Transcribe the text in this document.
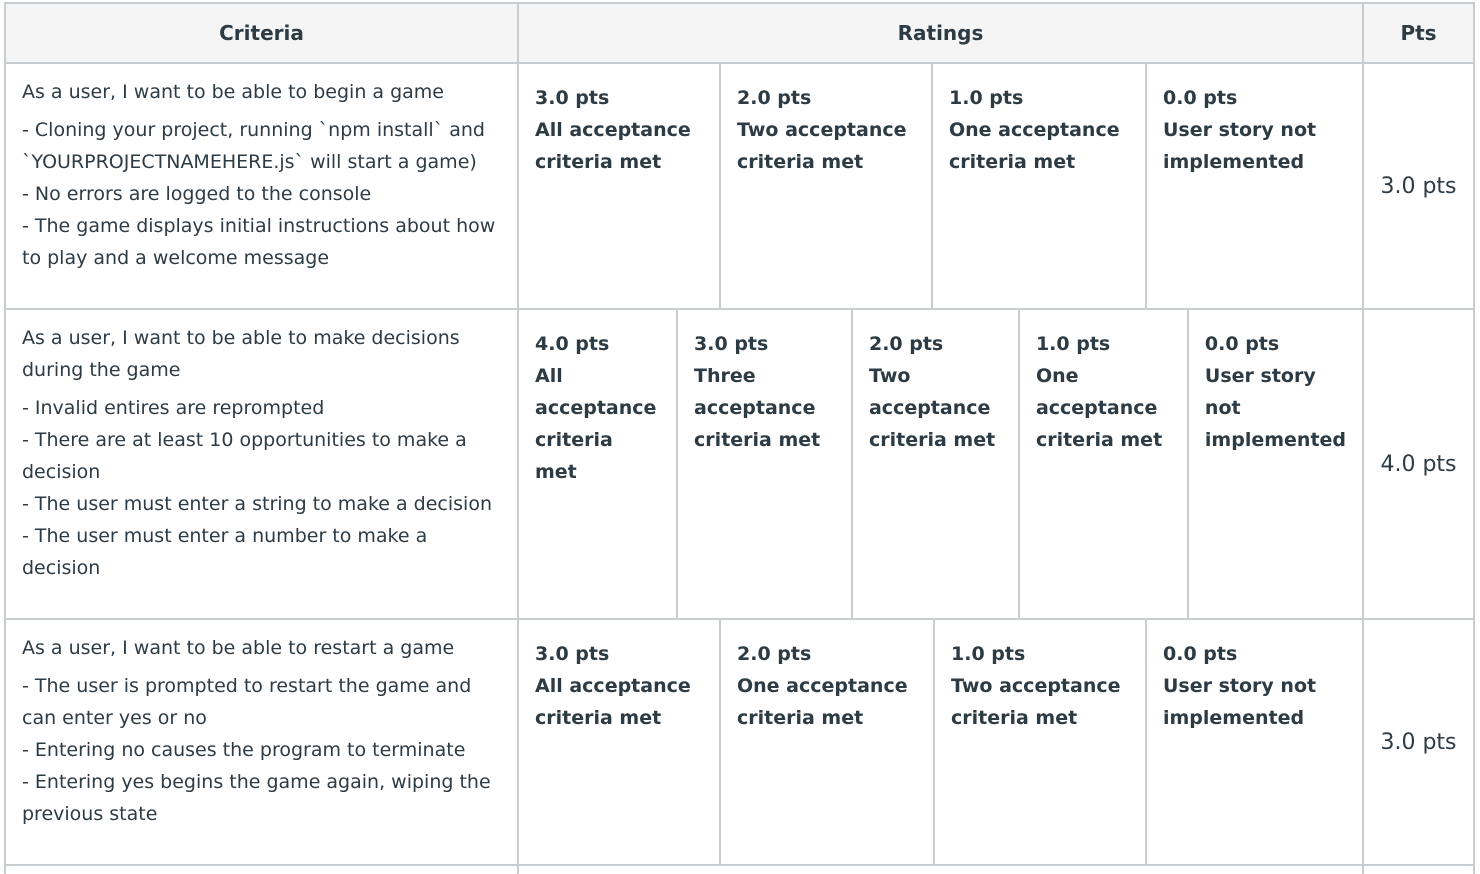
Criteria	Ratings	Pts
As a user, I want to be able to begin a game
- Cloning your project, running `npm install` and `YOURPROJECTNAMEHERE.js` will start a game)
- No errors are logged to the console
- The game displays initial instructions about how to play and a welcome message
3.0 pts
All acceptance criteria met
2.0 pts
Two acceptance criteria met
1.0 pts
One acceptance criteria met
0.0 pts
User story not implemented
3.0 pts
As a user, I want to be able to make decisions during the game
- Invalid entires are reprompted
- There are at least 10 opportunities to make a decision
- The user must enter a string to make a decision
- The user must enter a number to make a decision
4.0 pts
All acceptance criteria met
3.0 pts
Three acceptance criteria met
2.0 pts
Two acceptance criteria met
1.0 pts
One acceptance criteria met
0.0 pts
User story not implemented
4.0 pts
As a user, I want to be able to restart a game
- The user is prompted to restart the game and can enter yes or no
- Entering no causes the program to terminate
- Entering yes begins the game again, wiping the previous state
3.0 pts
All acceptance criteria met
2.0 pts
One acceptance criteria met
1.0 pts
Two acceptance criteria met
0.0 pts
User story not implemented
3.0 pts
